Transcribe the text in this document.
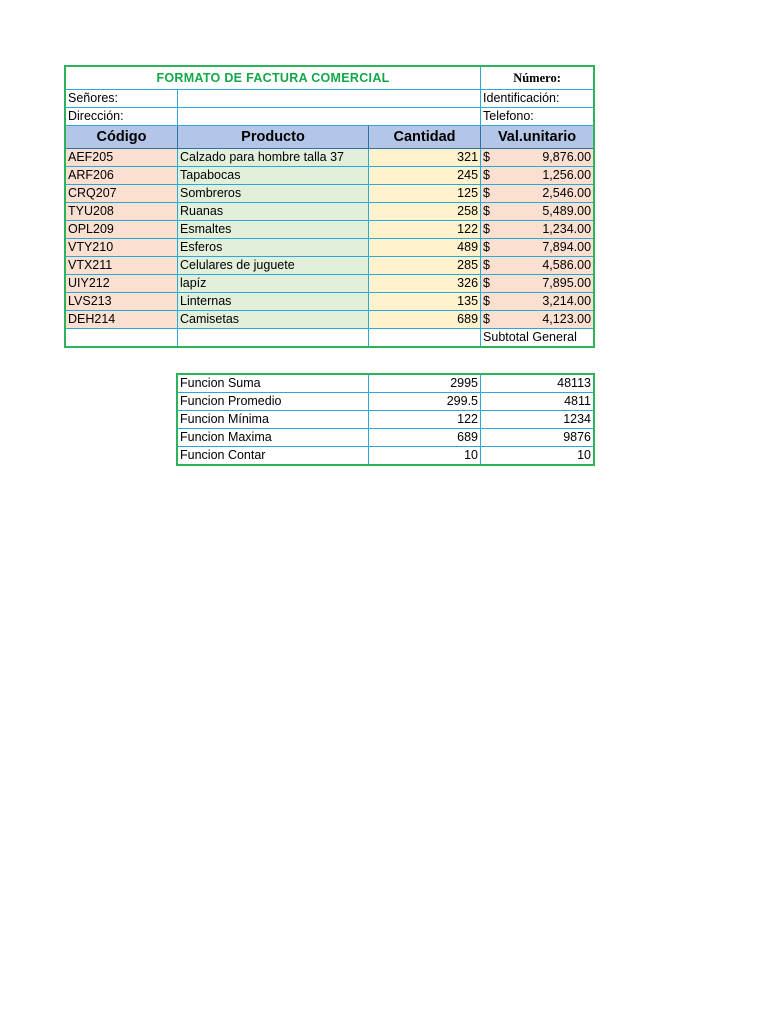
FORMATO DE FACTURA COMERCIAL			Número:
Señores:			Identificación:
Dirección:			Telefono:
Código	Producto	Cantidad	Val.unitario
AEF205	Calzado para hombre talla 37	321	$ 9,876.00

ARF206	Tapabocas	245	$ 1,256.00

CRQ207	Sombreros	125	$ 2,546.00

TYU208	Ruanas	258	$ 5,489.00

OPL209	Esmaltes	122	$ 1,234.00

VTY210	Esferos	489	$ 7,894.00

VTX211	Celulares de juguete	285	$ 4,586.00

UIY212	lapíz	326	$ 7,895.00

LVS213	Linternas	135	$ 3,214.00

DEH214	Camisetas	689	$ 4,123.00

			Subtotal General
Funcion Suma	2995	48113
Funcion Promedio	299.5	4811
Funcion Mínima	122	1234
Funcion Maxima	689	9876
Funcion Contar	10	10
